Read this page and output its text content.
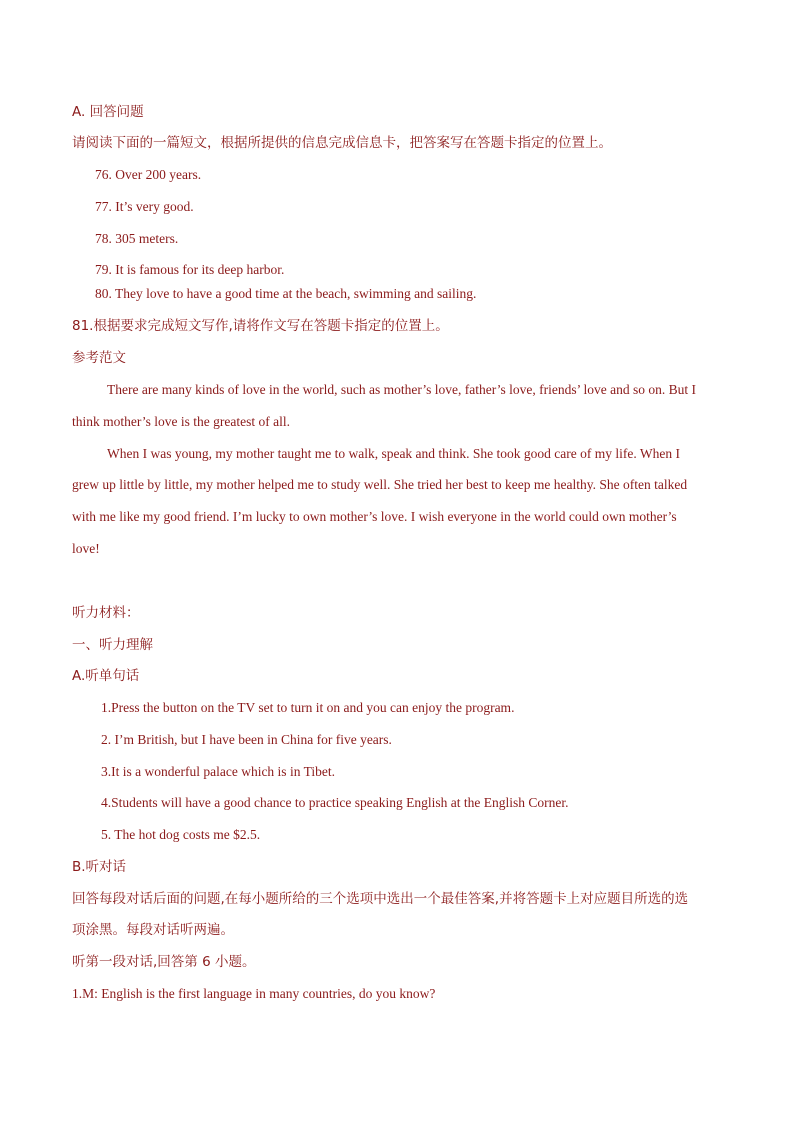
A. 回答问题
请阅读下面的一篇短文，根据所提供的信息完成信息卡，把答案写在答题卡指定的位置上。
76. Over 200 years.
77. It’s very good.
78. 305 meters.
79. It is famous for its deep harbor.
80. They love to have a good time at the beach, swimming and sailing.
81.根据要求完成短文写作,请将作文写在答题卡指定的位置上。
参考范文
There are many kinds of love in the world, such as mother’s love, father’s love, friends’ love and so on. But I
think mother’s love is the greatest of all.
When I was young, my mother taught me to walk, speak and think. She took good care of my life. When I
grew up little by little, my mother helped me to study well. She tried her best to keep me healthy. She often talked
with me like my good friend. I’m lucky to own mother’s love. I wish everyone in the world could own mother’s
love!
听力材料：
一、听力理解
A.听单句话
1.Press the button on the TV set to turn it on and you can enjoy the program.
2. I’m British, but I have been in China for five years.
3.It is a wonderful palace which is in Tibet.
4.Students will have a good chance to practice speaking English at the English Corner.
5. The hot dog costs me $2.5.
B.听对话
回答每段对话后面的问题,在每小题所给的三个选项中选出一个最佳答案,并将答题卡上对应题目所选的选
项涂黑。每段对话听两遍。
听第一段对话,回答第 6 小题。
1.M: English is the first language in many countries, do you know?
